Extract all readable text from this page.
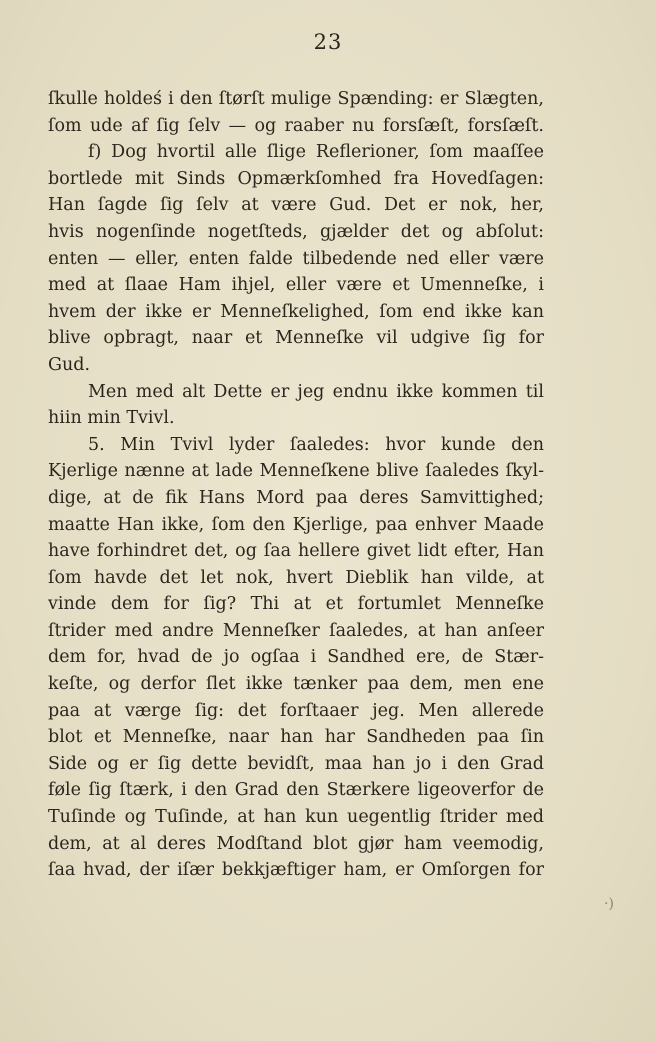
23
ſkulle holdeś i den ſtørſt mulige Spænding: er Slægten,
ſom ude af ſig ſelv — og raaber nu forsſæſt, forsſæſt.
f) Dog hvortil alle ſlige Reflerioner, ſom maaſſee
bortlede mit Sinds Opmærkſomhed fra Hovedſagen:
Han ſagde ſig ſelv at være Gud. Det er nok, her,
hvis nogenſinde nogetſteds, gjælder det og abſolut:
enten — eller, enten falde tilbedende ned eller være
med at ſlaae Ham ihjel, eller være et Umenneſke, i
hvem der ikke er Menneſkelighed, ſom end ikke kan
blive opbragt, naar et Menneſke vil udgive ſig for
Gud.
Men med alt Dette er jeg endnu ikke kommen til
hiin min Tvivl.
5. Min Tvivl lyder ſaaledes: hvor kunde den
Kjerlige nænne at lade Menneſkene blive ſaaledes ſkyl-
dige, at de fik Hans Mord paa deres Samvittighed;
maatte Han ikke, ſom den Kjerlige, paa enhver Maade
have forhindret det, og ſaa hellere givet lidt efter, Han
ſom havde det let nok, hvert Dieblik han vilde, at
vinde dem for ſig? Thi at et fortumlet Menneſke
ſtrider med andre Menneſker ſaaledes, at han anſeer
dem for, hvad de jo ogſaa i Sandhed ere, de Stær-
keſte, og derfor ſlet ikke tænker paa dem, men ene
paa at værge ſig: det forſtaaer jeg. Men allerede
blot et Menneſke, naar han har Sandheden paa ſin
Side og er ſig dette bevidſt, maa han jo i den Grad
føle ſig ſtærk, i den Grad den Stærkere ligeoverfor de
Tuſinde og Tuſinde, at han kun uegentlig ſtrider med
dem, at al deres Modſtand blot gjør ham veemodig,
ſaa hvad, der iſær bekkjæftiger ham, er Omſorgen for
·)
